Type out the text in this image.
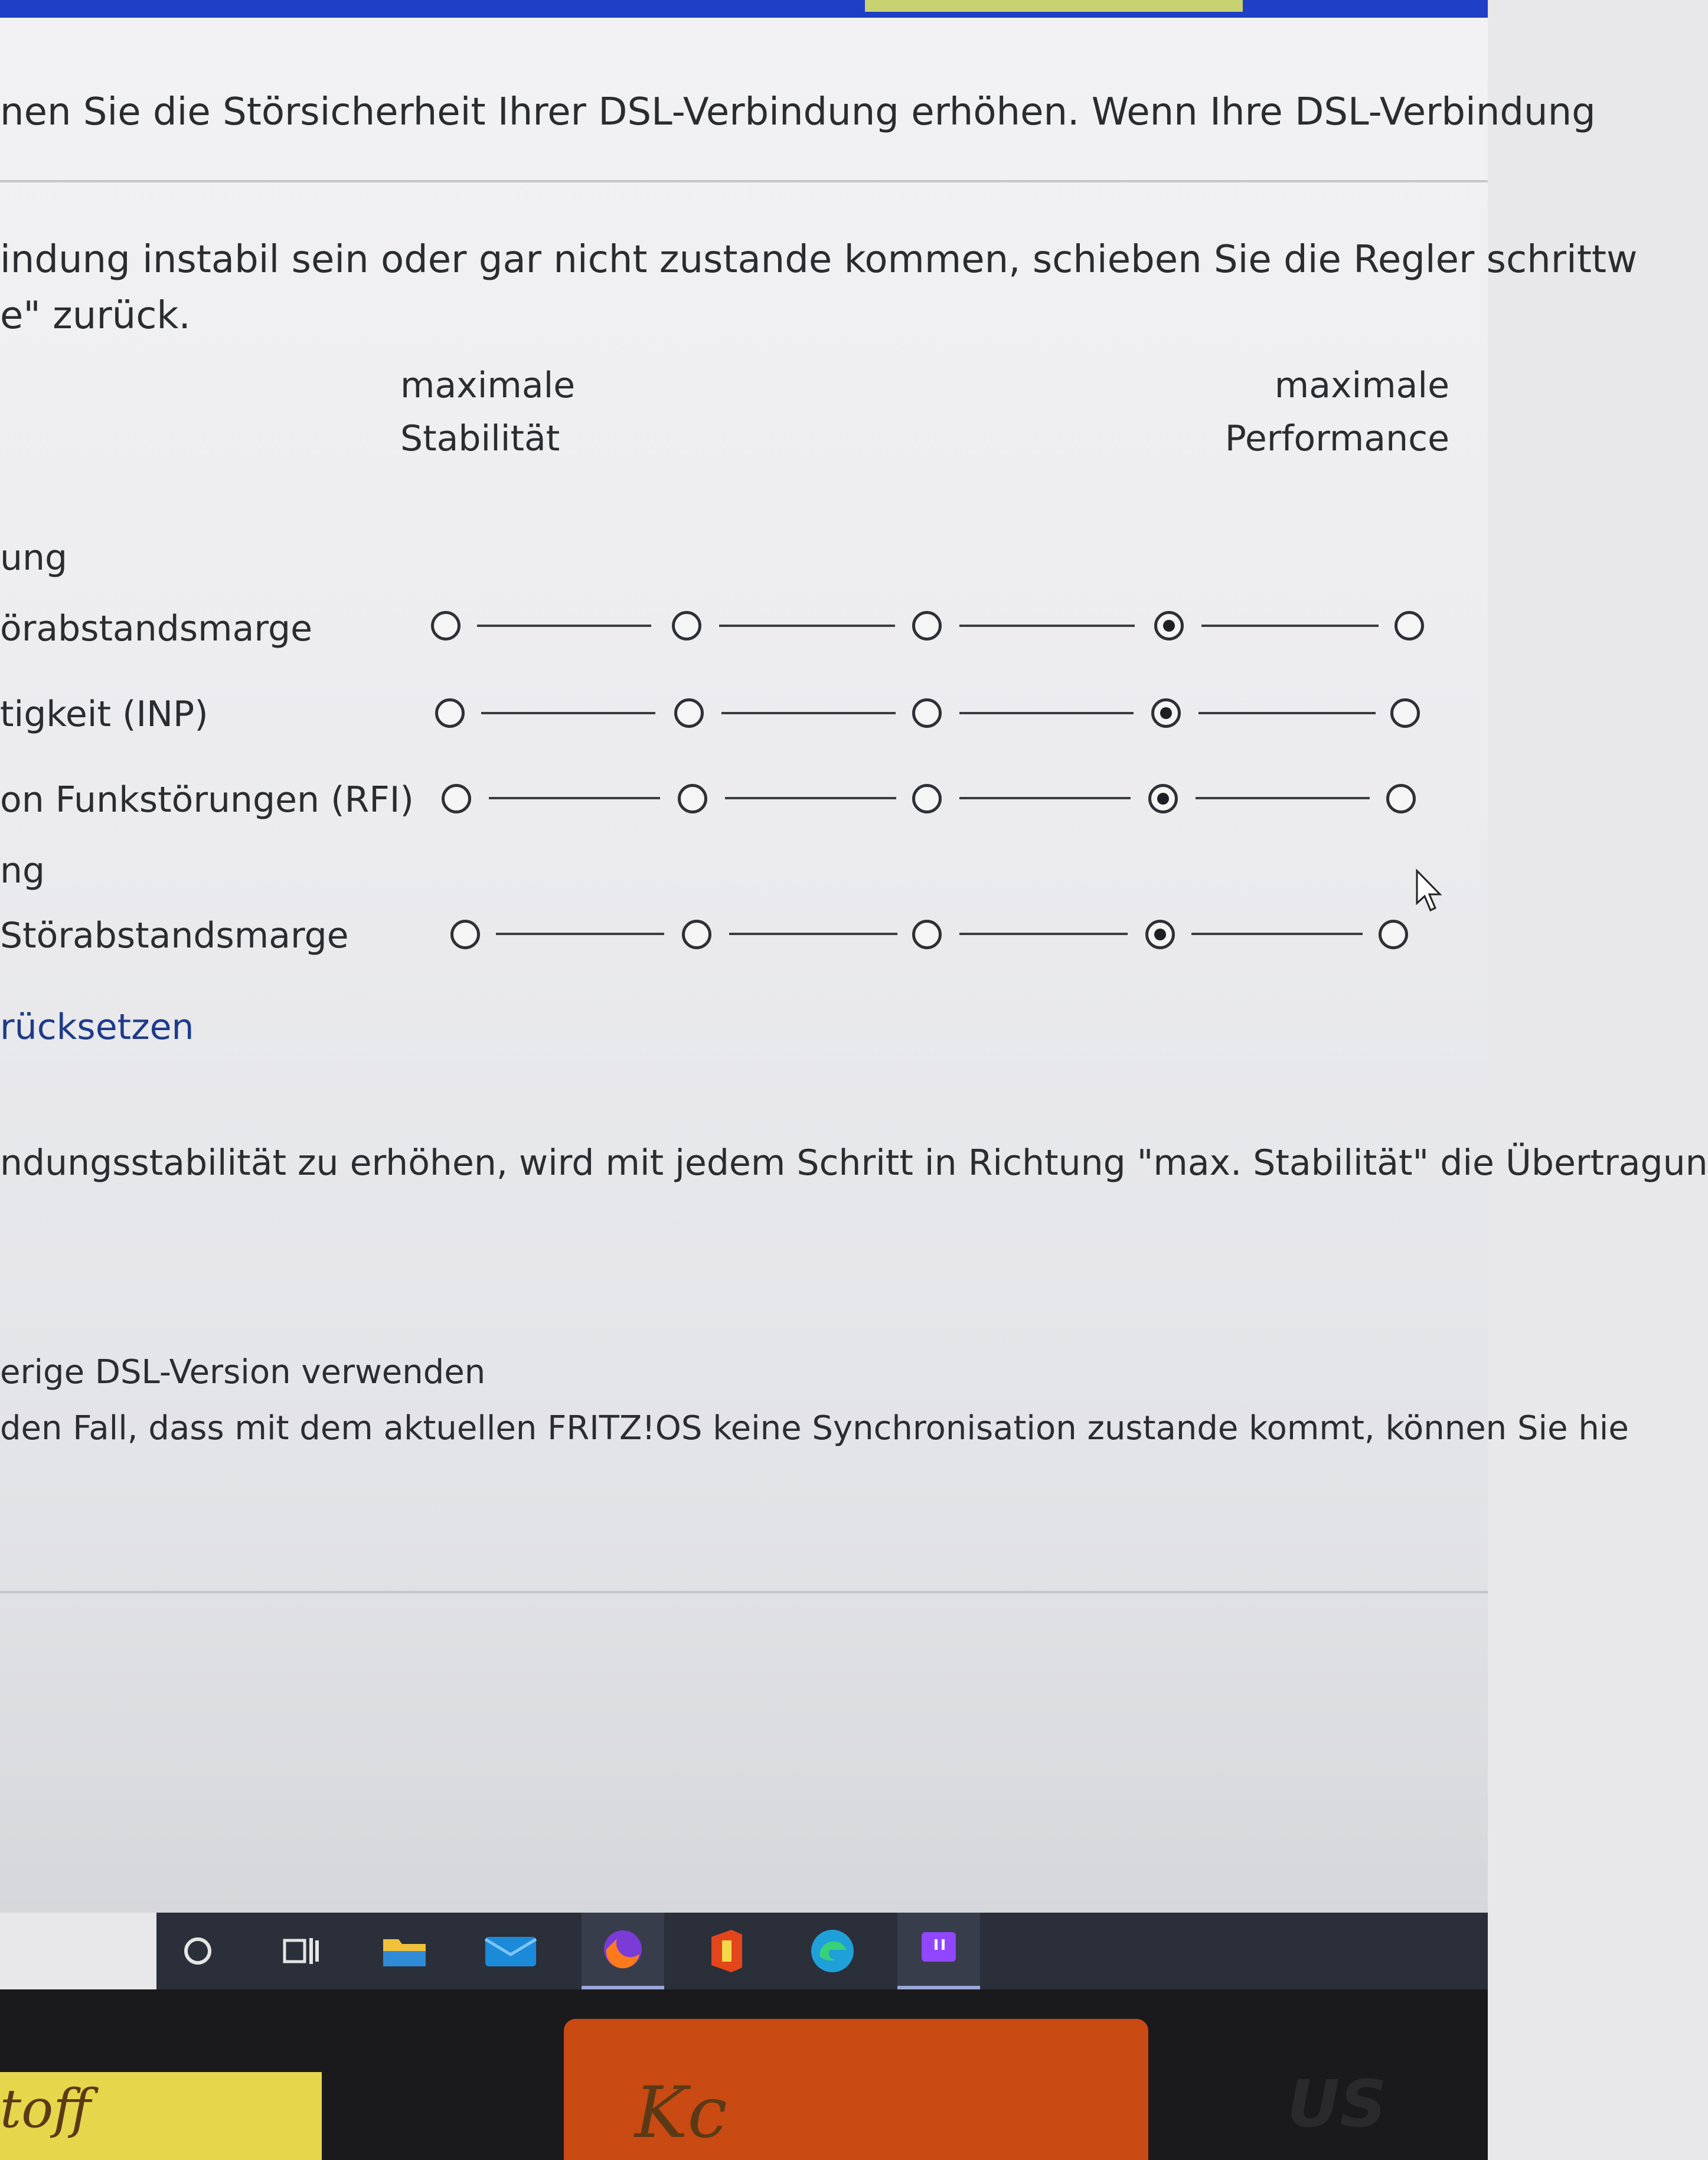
nen Sie die Störsicherheit Ihrer DSL-Verbindung erhöhen. Wenn Ihre DSL-Verbindung
indung instabil sein oder gar nicht zustande kommen, schieben Sie die Regler schrittw
e" zurück.
maximale
Stabilität
maximale
Performance
ung
örabstandsmarge
tigkeit (INP)
on Funkstörungen (RFI)
ng
Störabstandsmarge
rücksetzen
ndungsstabilität zu erhöhen, wird mit jedem Schritt in Richtung "max. Stabilität" die Übertragun
erige DSL-Version verwenden
den Fall, dass mit dem aktuellen FRITZ!OS keine Synchronisation zustande kommt, können Sie hie
US
toff	Kc
